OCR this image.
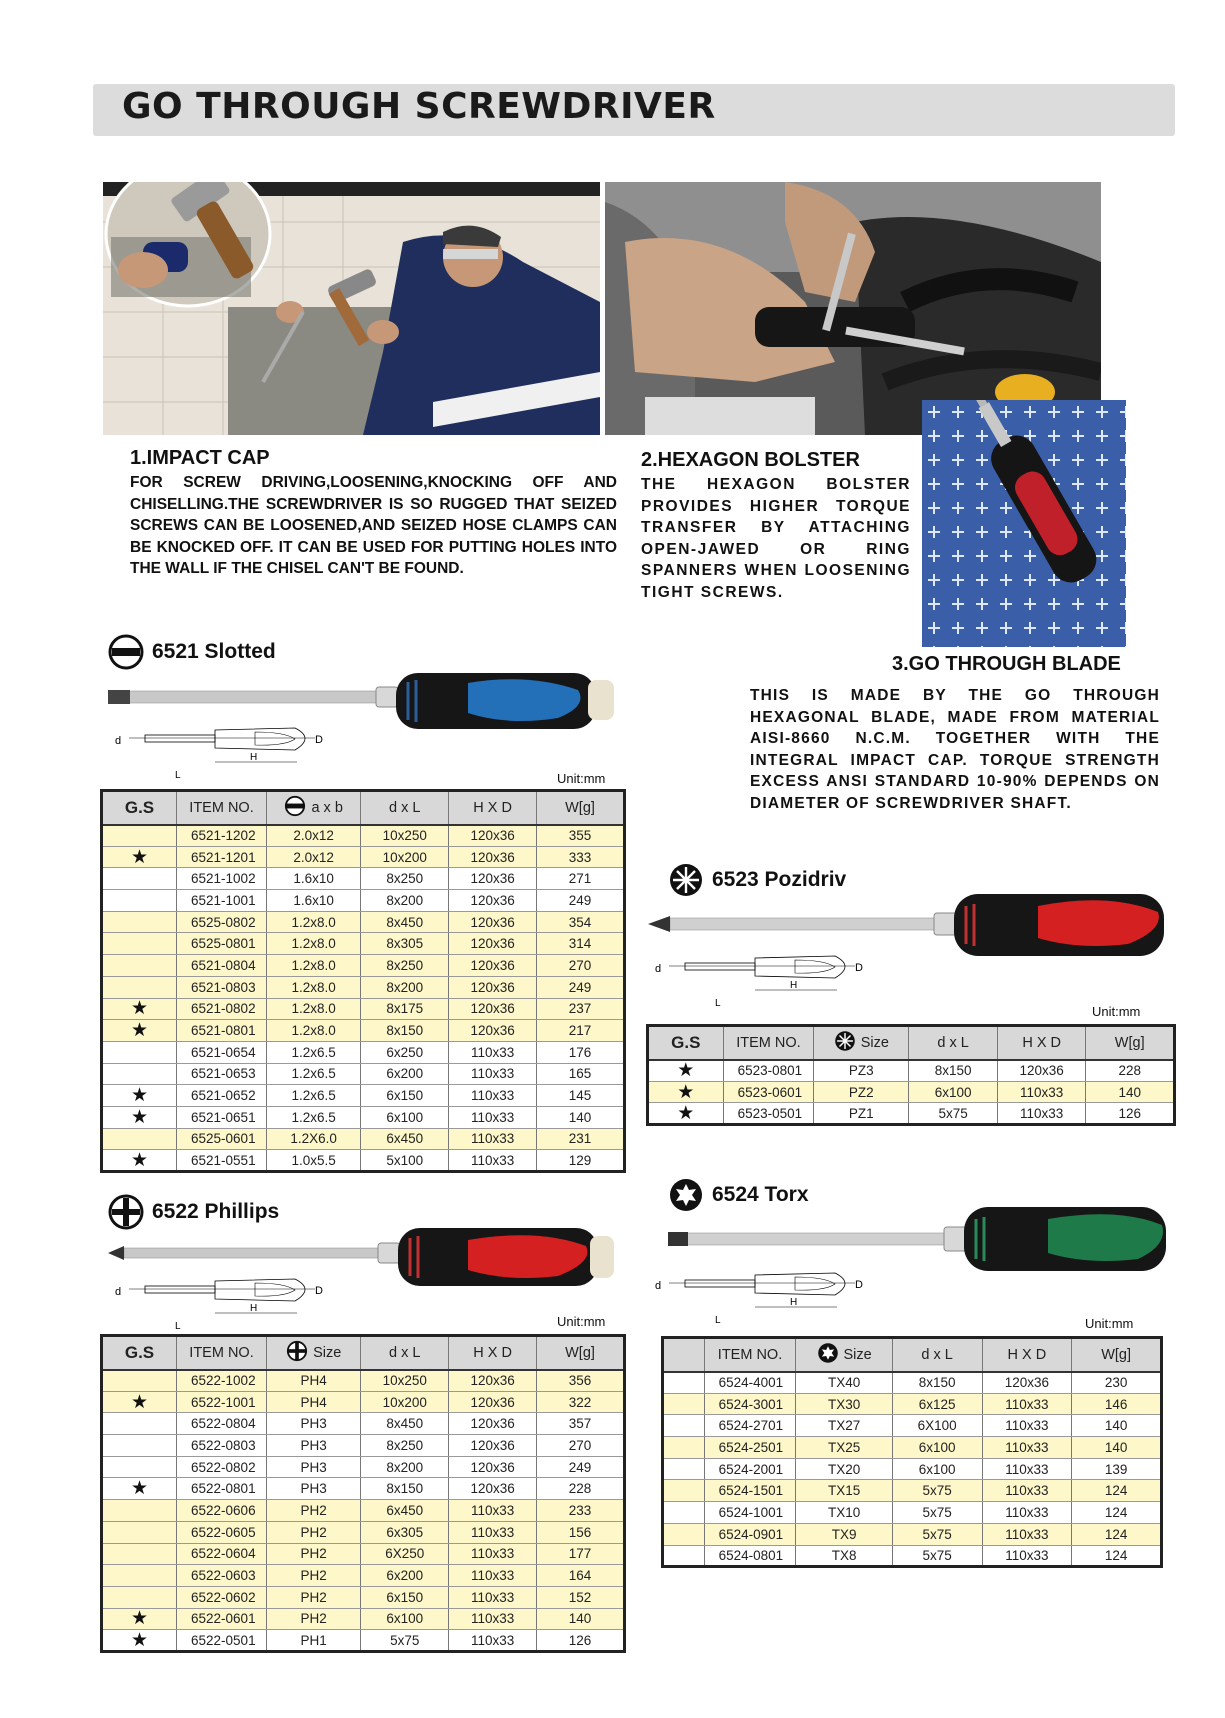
GO THROUGH SCREWDRIVER
1.IMPACT CAP
FOR SCREW DRIVING,LOOSENING,KNOCKING OFF AND CHISELLING.THE SCREWDRIVER IS SO RUGGED THAT SEIZED SCREWS CAN BE LOOSENED,AND SEIZED HOSE CLAMPS CAN BE KNOCKED OFF. IT CAN BE USED FOR PUTTING HOLES INTO THE WALL IF THE CHISEL CAN'T BE FOUND.
2.HEXAGON BOLSTER
THE HEXAGON BOLSTER PROVIDES HIGHER TORQUE TRANSFER BY ATTACHING OPEN-JAWED OR RING SPANNERS WHEN LOOSENING TIGHT SCREWS.
3.GO THROUGH BLADE
THIS IS MADE BY THE GO THROUGH HEXAGONAL BLADE, MADE FROM MATERIAL AISI-8660 N.C.M. TOGETHER WITH THE INTEGRAL IMPACT CAP. TORQUE STRENGTH EXCESS ANSI STANDARD 10-90% DEPENDS ON DIAMETER OF SCREWDRIVER SHAFT.
6521 Slotted
d	D
H
L	Unit:mm
G.S	ITEM NO.	a x b	d x L	H X D	W[g]
	6521-1202	2.0x12	10x250	120x36	355
★	6521-1201	2.0x12	10x200	120x36	333
	6521-1002	1.6x10	8x250	120x36	271
	6521-1001	1.6x10	8x200	120x36	249
	6525-0802	1.2x8.0	8x450	120x36	354
	6525-0801	1.2x8.0	8x305	120x36	314
	6521-0804	1.2x8.0	8x250	120x36	270
	6521-0803	1.2x8.0	8x200	120x36	249
★	6521-0802	1.2x8.0	8x175	120x36	237
★	6521-0801	1.2x8.0	8x150	120x36	217
	6521-0654	1.2x6.5	6x250	110x33	176
	6521-0653	1.2x6.5	6x200	110x33	165
★	6521-0652	1.2x6.5	6x150	110x33	145
★	6521-0651	1.2x6.5	6x100	110x33	140
	6525-0601	1.2X6.0	6x450	110x33	231
★	6521-0551	1.0x5.5	5x100	110x33	129
6522 Phillips
d	D
H
L	Unit:mm
G.S	ITEM NO.	Size	d x L	H X D	W[g]
	6522-1002	PH4	10x250	120x36	356
★	6522-1001	PH4	10x200	120x36	322
	6522-0804	PH3	8x450	120x36	357
	6522-0803	PH3	8x250	120x36	270
	6522-0802	PH3	8x200	120x36	249
★	6522-0801	PH3	8x150	120x36	228
	6522-0606	PH2	6x450	110x33	233
	6522-0605	PH2	6x305	110x33	156
	6522-0604	PH2	6X250	110x33	177
	6522-0603	PH2	6x200	110x33	164
	6522-0602	PH2	6x150	110x33	152
★	6522-0601	PH2	6x100	110x33	140
★	6522-0501	PH1	5x75	110x33	126
6523 Pozidriv
d	D
H
L
Unit:mm
G.S	ITEM NO.	Size	d x L	H X D	W[g]
★	6523-0801	PZ3	8x150	120x36	228
★	6523-0601	PZ2	6x100	110x33	140
★	6523-0501	PZ1	5x75	110x33	126
6524 Torx
d	D
H
L	Unit:mm
	ITEM NO.	Size	d x L	H X D	W[g]
	6524-4001	TX40	8x150	120x36	230
	6524-3001	TX30	6x125	110x33	146
	6524-2701	TX27	6X100	110x33	140
	6524-2501	TX25	6x100	110x33	140
	6524-2001	TX20	6x100	110x33	139
	6524-1501	TX15	5x75	110x33	124
	6524-1001	TX10	5x75	110x33	124
	6524-0901	TX9	5x75	110x33	124
	6524-0801	TX8	5x75	110x33	124
